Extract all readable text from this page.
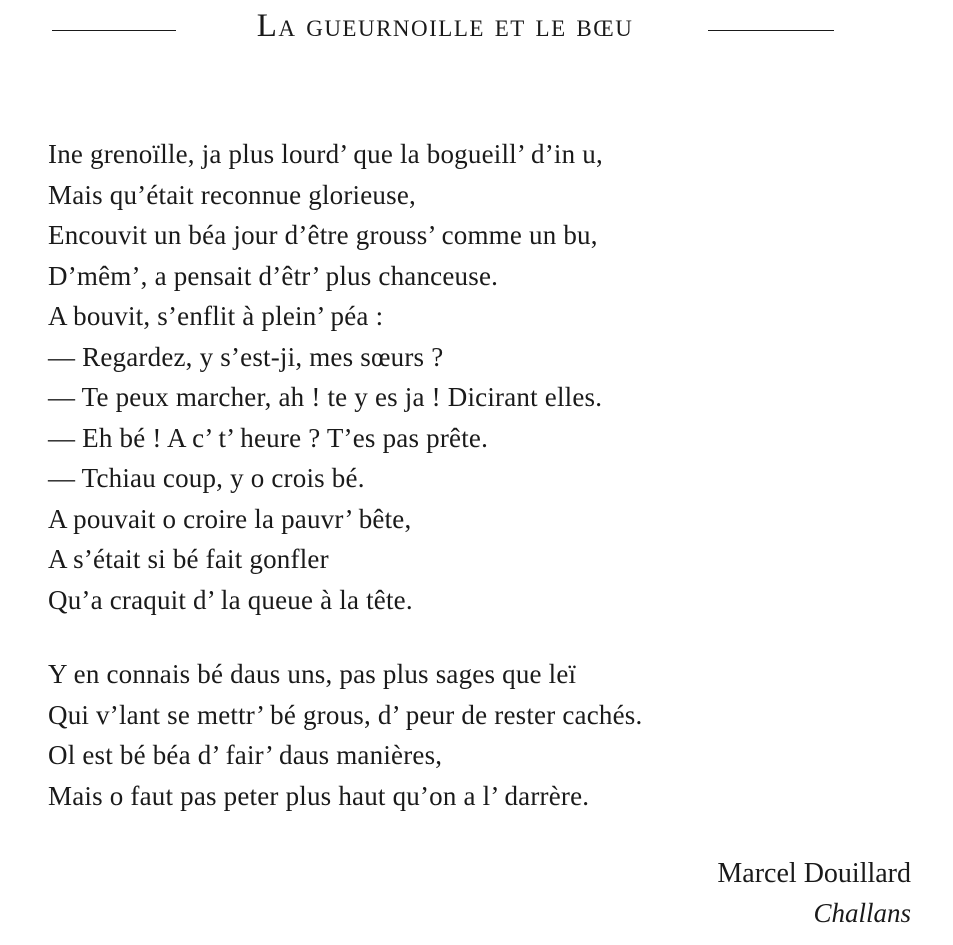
La gueurnoille et le bœu
Ine grenoïlle, ja plus lourd’ que la bogueill’ d’in u,
Mais qu’était reconnue glorieuse,
Encouvit un béa jour d’être grouss’ comme un bu,
D’mêm’, a pensait d’êtr’ plus chanceuse.
A bouvit, s’enflit à plein’ péa :
— Regardez, y s’est-ji, mes sœurs ?
— Te peux marcher, ah ! te y es ja ! Dicirant elles.
— Eh bé ! A c’ t’ heure ? T’es pas prête.
— Tchiau coup, y o crois bé.
A pouvait o croire la pauvr’ bête,
A s’était si bé fait gonfler
Qu’a craquit d’ la queue à la tête.
Y en connais bé daus uns, pas plus sages que leï
Qui v’lant se mettr’ bé grous, d’ peur de rester cachés.
Ol est bé béa d’ fair’ daus manières,
Mais o faut pas peter plus haut qu’on a l’ darrère.
Marcel Douillard
Challans
